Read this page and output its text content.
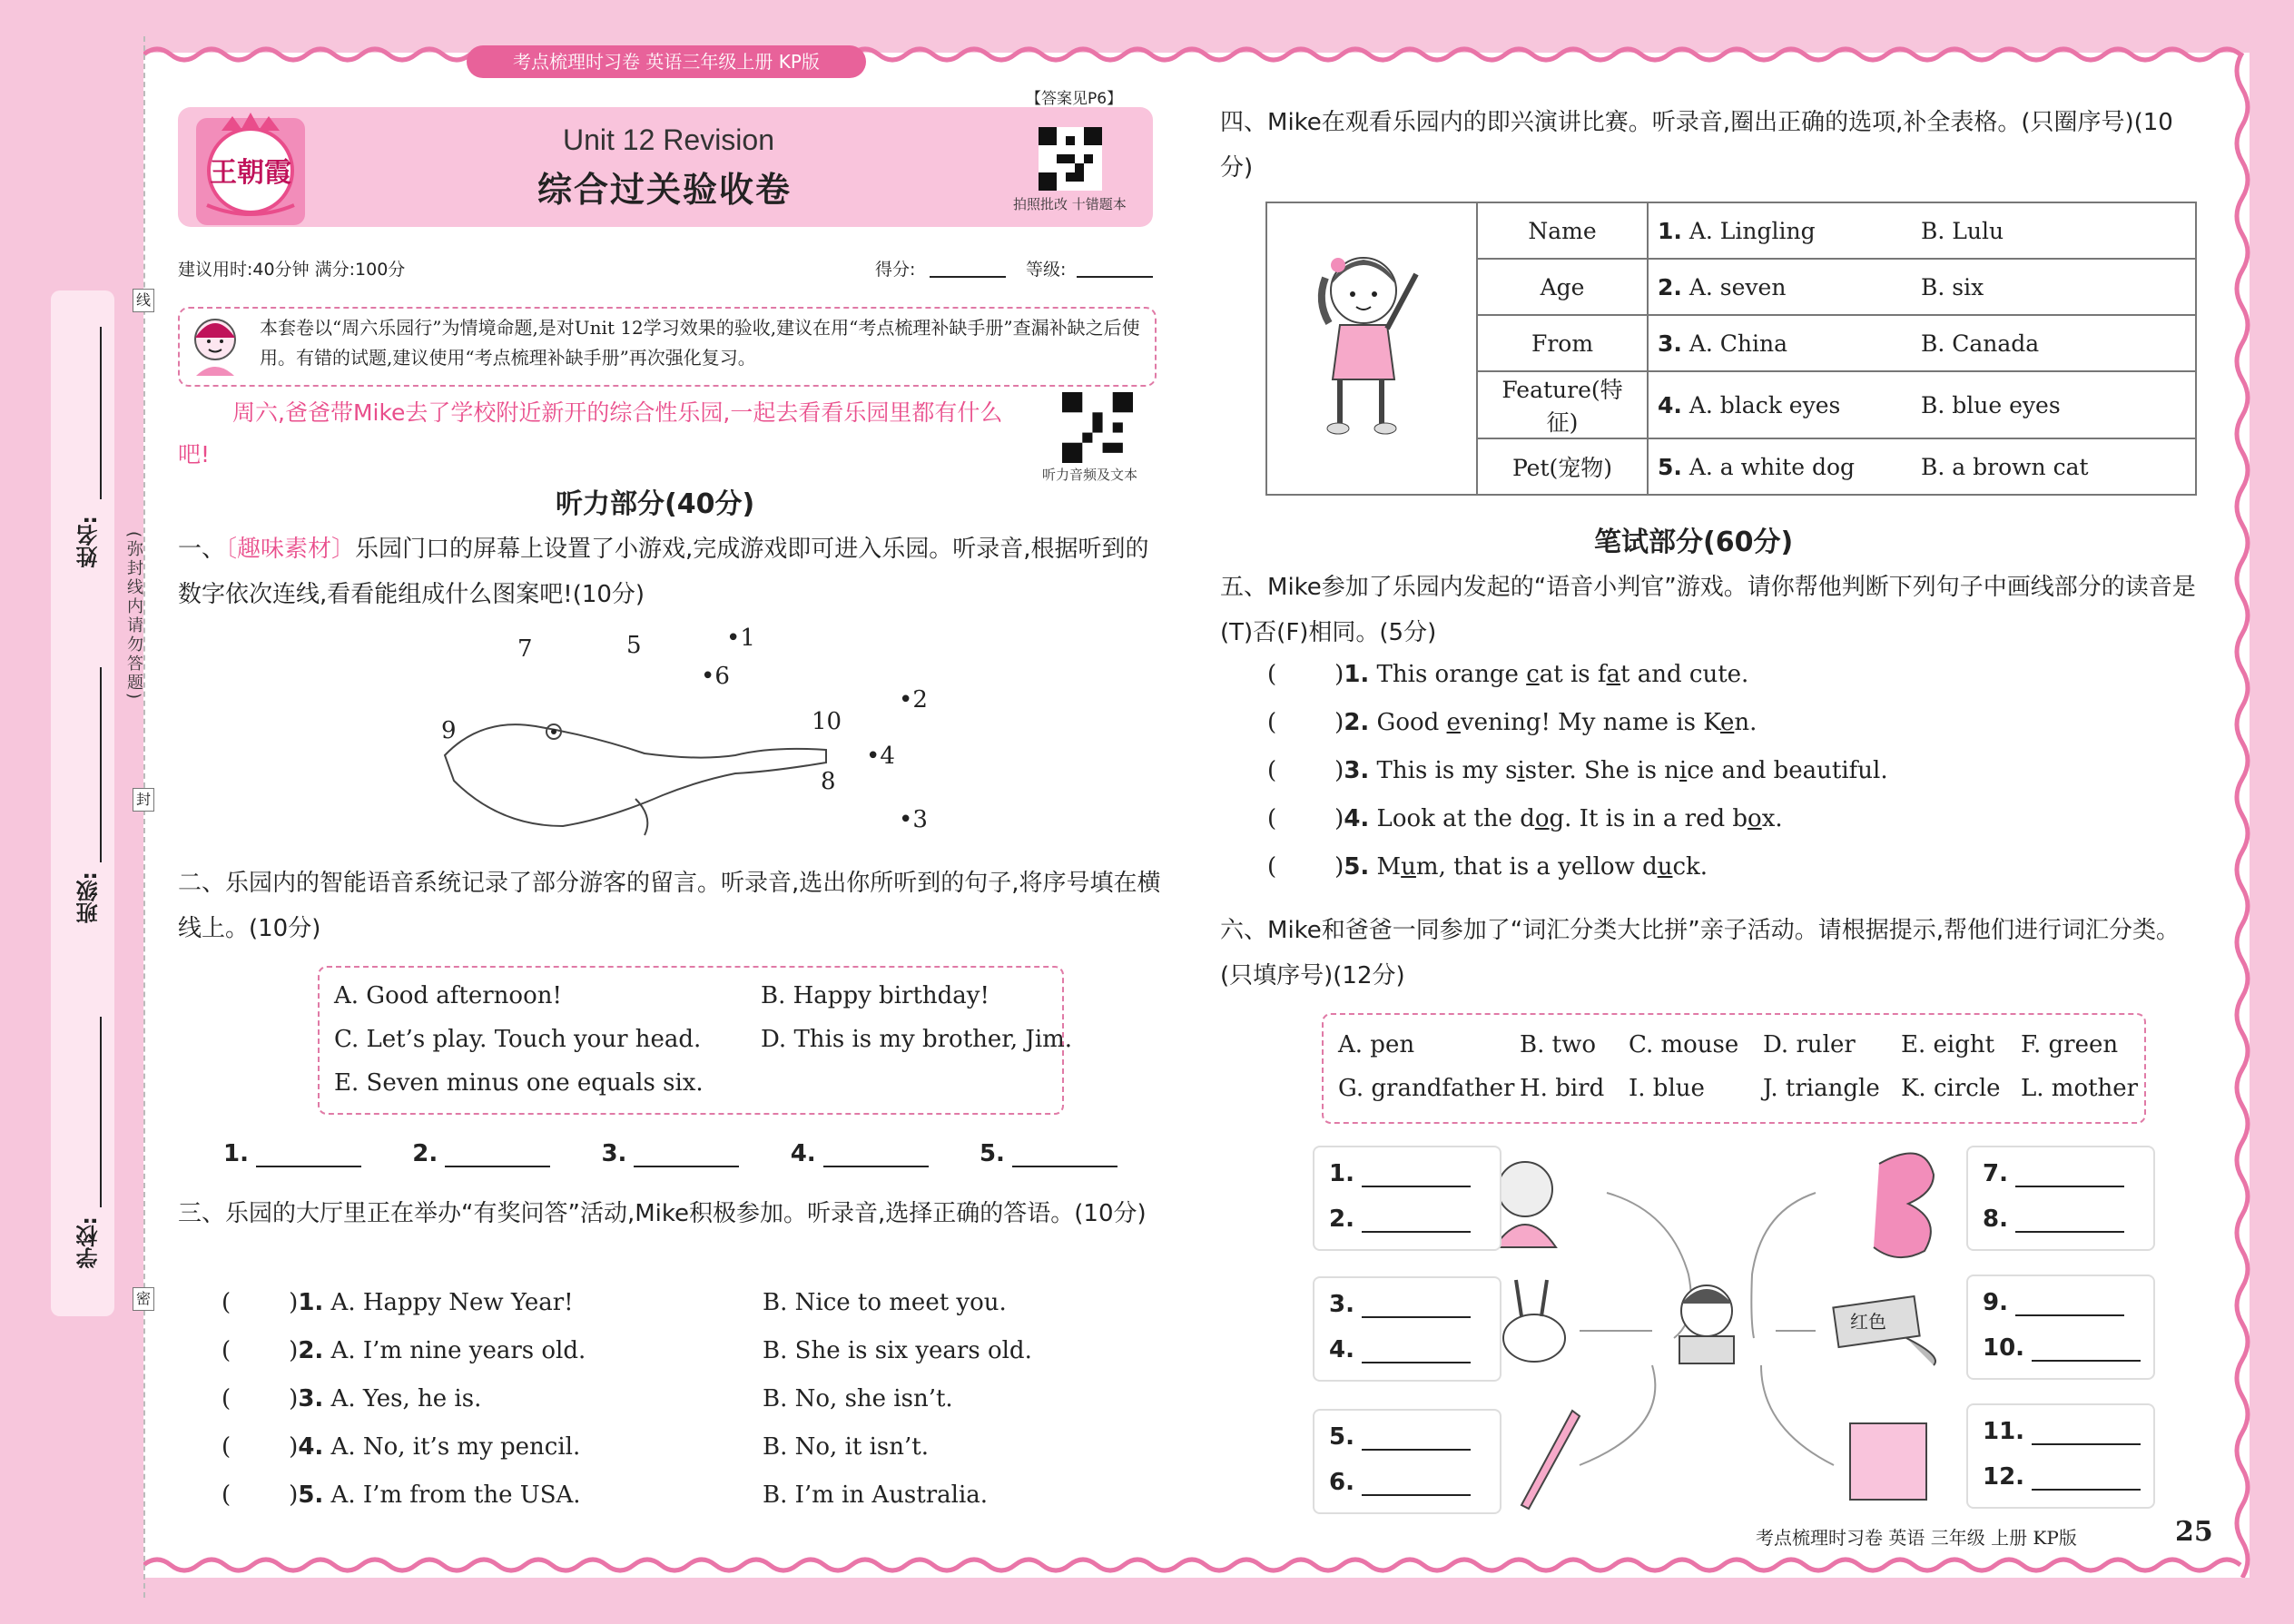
姓名:
班级:
学校:
线
封
密
(弥封线内请勿答题)
考点梳理时习卷 英语三年级上册 KP版
王朝霞
Unit 12 Revision
综合过关验收卷
【答案见P6】
拍照批改 十错题本
建议用时:40分钟 满分:100分	得分:	等级:
本套卷以“周六乐园行”为情境命题,是对Unit 12学习效果的验收,建议在用“考点梳理补缺手册”查漏补缺之后使用。有错的试题,建议使用“考点梳理补缺手册”再次强化复习。
周六,爸爸带Mike去了学校附近新开的综合性乐园,一起去看看乐园里都有什么吧!
听力音频及文本
听力部分(40分)
一、〔趣味素材〕乐园门口的屏幕上设置了小游戏,完成游戏即可进入乐园。听录音,根据听到的数字依次连线,看看能组成什么图案吧!(10分)
7	5	•1
•6
•2
9	10
•4
8
•3
二、乐园内的智能语音系统记录了部分游客的留言。听录音,选出你所听到的句子,将序号填在横线上。(10分)
A. Good afternoon!	B. Happy birthday!
C. Let’s play. Touch your head.	D. This is my brother, Jim.
E. Seven minus one equals six.
1.	2.	3.	4.	5.
三、乐园的大厅里正在举办“有奖问答”活动,Mike积极参加。听录音,选择正确的答语。(10分)
( )1. A. Happy New Year!	B. Nice to meet you.
( )2. A. I’m nine years old.	B. She is six years old.
( )3. A. Yes, he is.	B. No, she isn’t.
( )4. A. No, it’s my pencil.	B. No, it isn’t.
( )5. A. I’m from the USA.	B. I’m in Australia.
四、Mike在观看乐园内的即兴演讲比赛。听录音,圈出正确的选项,补全表格。(只圈序号)(10分)
	Name	1. A. Lingling	B. Lulu
	Age	2. A. seven	B. six
	From	3. A. China	B. Canada
	Feature(特征)	4. A. black eyes	B. blue eyes
	Pet(宠物)	5. A. a white dog	B. a brown cat
笔试部分(60分)
五、Mike参加了乐园内发起的“语音小判官”游戏。请你帮他判断下列句子中画线部分的读音是(T)否(F)相同。(5分)
( )1. This orange cat is fat and cute.
( )2. Good evening! My name is Ken.
( )3. This is my sister. She is nice and beautiful.
( )4. Look at the dog. It is in a red box.
( )5. Mum, that is a yellow duck.
六、Mike和爸爸一同参加了“词汇分类大比拼”亲子活动。请根据提示,帮他们进行词汇分类。(只填序号)(12分)
A. pen	B. two C. mouse D. ruler E. eight F. green
G. grandfather H. bird I. blue J. triangle K. circle L. mother
红色
1.
2.
3.
4.
5.
6.
7.
8.
9.
10.
11.
12.
考点梳理时习卷 英语 三年级 上册 KP版	25
